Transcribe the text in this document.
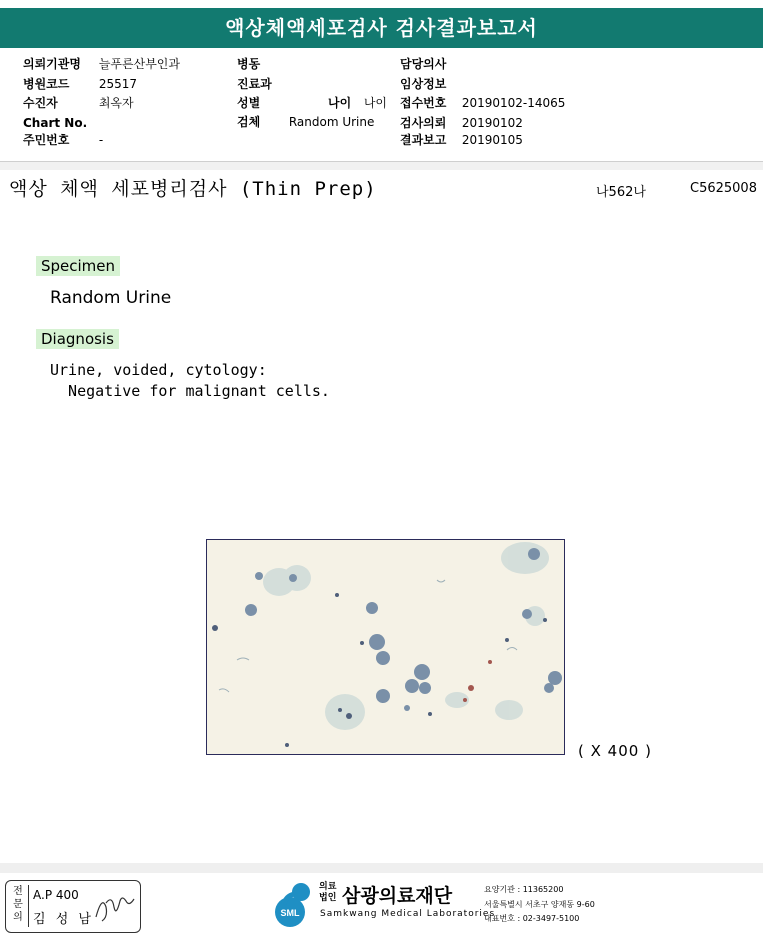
액상체액세포검사 검사결과보고서
의뢰기관명 늘푸른산부인과	병동	담당의사
병원코드 25517	진료과	임상정보
수진자	최옥자	성별	나이 나이 접수번호 20190102-14065
Chart No.	검체 Random Urine 검사의뢰 20190102
주민번호 -	결과보고 20190105
액상 체액 세포병리검사 (Thin Prep)	나562나	C5625008
Specimen
Random Urine
Diagnosis
Urine, voided, cytology:
Negative for malignant cells.
( X 400 )
전문의
A.P 400
김 성 남	SML
의료
법인 삼광의료재단
Samkwang Medical Laboratories
요양기관 : 11365200
서울특별시 서초구 양재동 9-60
대표번호 : 02-3497-5100
